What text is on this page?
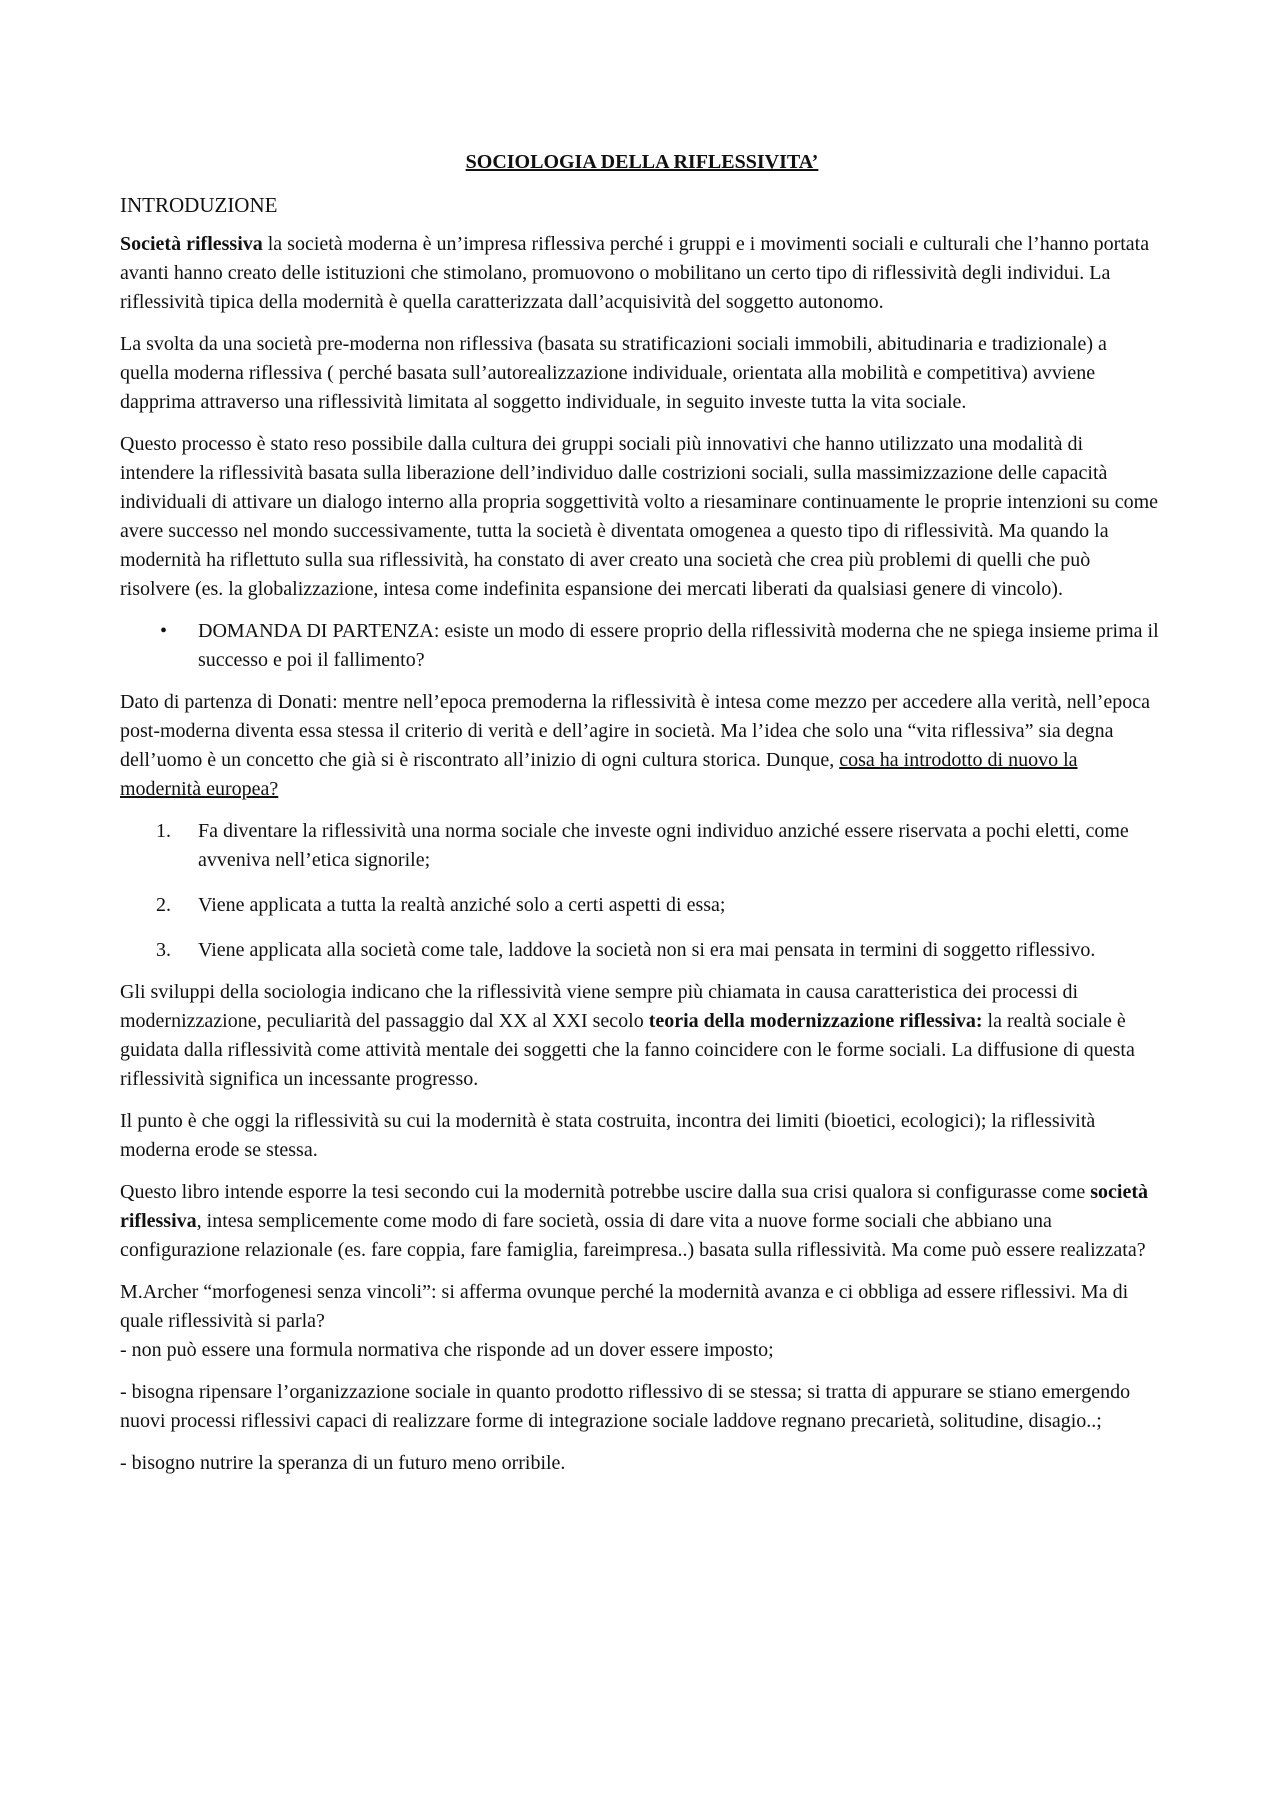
SOCIOLOGIA DELLA RIFLESSIVITA’
INTRODUZIONE

Società riflessiva la società moderna è un’impresa riflessiva perché i gruppi e i movimenti sociali e culturali che l’hanno portata avanti hanno creato delle istituzioni che stimolano, promuovono o mobilitano un certo tipo di riflessività degli individui. La riflessività tipica della modernità è quella caratterizzata dall’acquisività del soggetto autonomo.

La svolta da una società pre-moderna non riflessiva (basata su stratificazioni sociali immobili, abitudinaria e tradizionale) a quella moderna riflessiva ( perché basata sull’autorealizzazione individuale, orientata alla mobilità e competitiva) avviene dapprima attraverso una riflessività limitata al soggetto individuale, in seguito investe tutta la vita sociale.

Questo processo è stato reso possibile dalla cultura dei gruppi sociali più innovativi che hanno utilizzato una modalità di intendere la riflessività basata sulla liberazione dell’individuo dalle costrizioni sociali, sulla massimizzazione delle capacità individuali di attivare un dialogo interno alla propria soggettività volto a riesaminare continuamente le proprie intenzioni su come avere successo nel mondo successivamente, tutta la società è diventata omogenea a questo tipo di riflessività. Ma quando la modernità ha riflettuto sulla sua riflessività, ha constato di aver creato una società che crea più problemi di quelli che può risolvere (es. la globalizzazione, intesa come indefinita espansione dei mercati liberati da qualsiasi genere di vincolo).

• DOMANDA DI PARTENZA: esiste un modo di essere proprio della riflessività moderna che ne spiega insieme prima il successo e poi il fallimento?

Dato di partenza di Donati: mentre nell’epoca premoderna la riflessività è intesa come mezzo per accedere alla verità, nell’epoca post-moderna diventa essa stessa il criterio di verità e dell’agire in società. Ma l’idea che solo una “vita riflessiva” sia degna dell’uomo è un concetto che già si è riscontrato all’inizio di ogni cultura storica. Dunque, cosa ha introdotto di nuovo la modernità europea?

1. Fa diventare la riflessività una norma sociale che investe ogni individuo anziché essere riservata a pochi eletti, come avveniva nell’etica signorile;
2. Viene applicata a tutta la realtà anziché solo a certi aspetti di essa;
3. Viene applicata alla società come tale, laddove la società non si era mai pensata in termini di soggetto riflessivo.

Gli sviluppi della sociologia indicano che la riflessività viene sempre più chiamata in causa caratteristica dei processi di modernizzazione, peculiarità del passaggio dal XX al XXI secolo teoria della modernizzazione riflessiva: la realtà sociale è guidata dalla riflessività come attività mentale dei soggetti che la fanno coincidere con le forme sociali. La diffusione di questa riflessività significa un incessante progresso.

Il punto è che oggi la riflessività su cui la modernità è stata costruita, incontra dei limiti (bioetici, ecologici); la riflessività moderna erode se stessa.

Questo libro intende esporre la tesi secondo cui la modernità potrebbe uscire dalla sua crisi qualora si configurasse come società riflessiva, intesa semplicemente come modo di fare società, ossia di dare vita a nuove forme sociali che abbiano una configurazione relazionale (es. fare coppia, fare famiglia, fareimpresa..) basata sulla riflessività. Ma come può essere realizzata?

M.Archer “morfogenesi senza vincoli”: si afferma ovunque perché la modernità avanza e ci obbliga ad essere riflessivi. Ma di quale riflessività si parla?

- non può essere una formula normativa che risponde ad un dover essere imposto;

- bisogna ripensare l’organizzazione sociale in quanto prodotto riflessivo di se stessa; si tratta di appurare se stiano emergendo nuovi processi riflessivi capaci di realizzare forme di integrazione sociale laddove regnano precarietà, solitudine, disagio..;

- bisogno nutrire la speranza di un futuro meno orribile.
